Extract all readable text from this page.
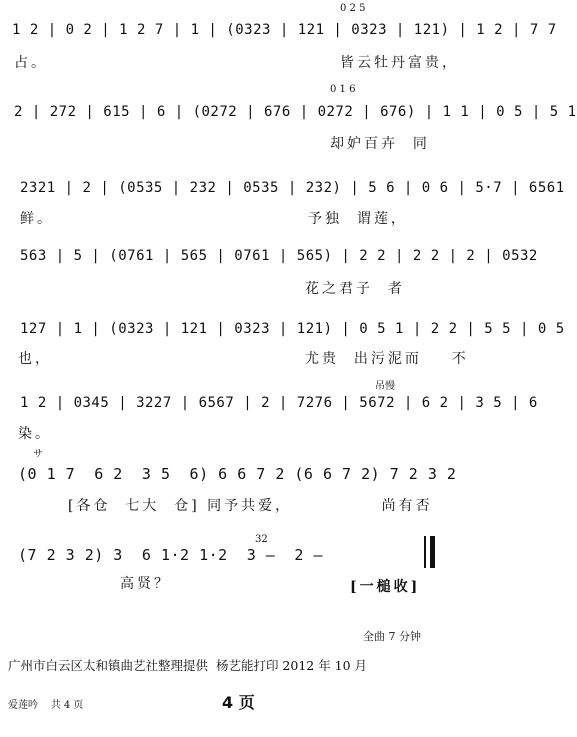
0 2 5
1 2 | 0 2 | 1 2 7 | 1 | (0323 | 121 | 0323 | 121) | 1 2 | 7 7
占。	皆云牡丹富贵，
0 1 6
2 | 272 | 615 | 6 | (0272 | 676 | 0272 | 676) | 1 1 | 0 5 | 5 1
却妒百卉  同
2321 | 2 | (0535 | 232 | 0535 | 232) | 5 6 | 0 6 | 5·7 | 6561
鲜。	予独  谓莲，
563 | 5 | (0761 | 565 | 0761 | 565) | 2 2 | 2 2 | 2 | 0532
花之君子  者
127 | 1 | (0323 | 121 | 0323 | 121) | 0 5 1 | 2 2 | 5 5 | 0 5
也，	尤贵  出污泥而    不
吊慢
1 2 | 0345 | 3227 | 6567 | 2 | 7276 | 5672 | 6 2 | 3 5 | 6
染。
サ
(0 1 7  6 2  3 5  6) 6 6 7 2 (6 6 7 2) 7 2 3 2
[各仓  七大  仓] 同予共爱，            尚有否
32
(7 2 3 2) 3  6 1·2 1·2  3 —  2 —
高贤？	[一槌收]
全曲 7 分钟
广州市白云区太和镇曲艺社整理提供  杨艺能打印 2012 年 10 月
爱莲吟    共 4 页	4 页
